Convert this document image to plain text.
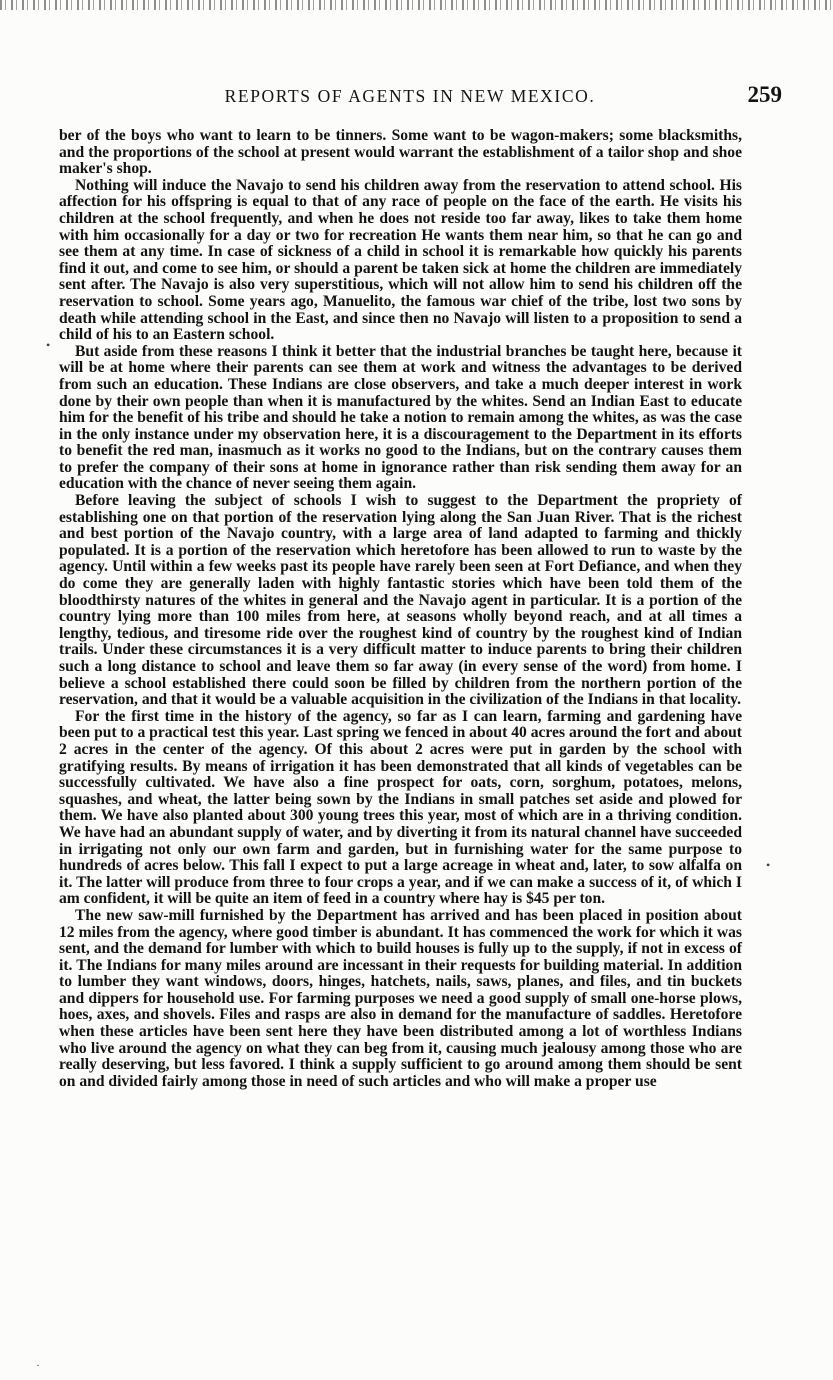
REPORTS OF AGENTS IN NEW MEXICO.	259

ber of the boys who want to learn to be tinners. Some want to be wagon-makers; some blacksmiths, and the proportions of the school at present would warrant the establishment of a tailor shop and shoe maker's shop.

Nothing will induce the Navajo to send his children away from the reservation to attend school. His affection for his offspring is equal to that of any race of people on the face of the earth. He visits his children at the school frequently, and when he does not reside too far away, likes to take them home with him occasionally for a day or two for recreation He wants them near him, so that he can go and see them at any time. In case of sickness of a child in school it is remarkable how quickly his parents find it out, and come to see him, or should a parent be taken sick at home the children are immediately sent after. The Navajo is also very superstitious, which will not allow him to send his children off the reservation to school. Some years ago, Manuelito, the famous war chief of the tribe, lost two sons by death while attending school in the East, and since then no Navajo will listen to a proposition to send a child of his to an Eastern school.

But aside from these reasons I think it better that the industrial branches be taught here, because it will be at home where their parents can see them at work and witness the advantages to be derived from such an education. These Indians are close observers, and take a much deeper interest in work done by their own people than when it is manufactured by the whites. Send an Indian East to educate him for the benefit of his tribe and should he take a notion to remain among the whites, as was the case in the only instance under my observation here, it is a discouragement to the Department in its efforts to benefit the red man, inasmuch as it works no good to the Indians, but on the contrary causes them to prefer the company of their sons at home in ignorance rather than risk sending them away for an education with the chance of never seeing them again.

Before leaving the subject of schools I wish to suggest to the Department the propriety of establishing one on that portion of the reservation lying along the San Juan River. That is the richest and best portion of the Navajo country, with a large area of land adapted to farming and thickly populated. It is a portion of the reservation which heretofore has been allowed to run to waste by the agency. Until within a few weeks past its people have rarely been seen at Fort Defiance, and when they do come they are generally laden with highly fantastic stories which have been told them of the bloodthirsty natures of the whites in general and the Navajo agent in particular. It is a portion of the country lying more than 100 miles from here, at seasons wholly beyond reach, and at all times a lengthy, tedious, and tiresome ride over the roughest kind of country by the roughest kind of Indian trails. Under these circumstances it is a very difficult matter to induce parents to bring their children such a long distance to school and leave them so far away (in every sense of the word) from home. I believe a school established there could soon be filled by children from the northern portion of the reservation, and that it would be a valuable acquisition in the civilization of the Indians in that locality.

For the first time in the history of the agency, so far as I can learn, farming and gardening have been put to a practical test this year. Last spring we fenced in about 40 acres around the fort and about 2 acres in the center of the agency. Of this about 2 acres were put in garden by the school with gratifying results. By means of irrigation it has been demonstrated that all kinds of vegetables can be successfully cultivated. We have also a fine prospect for oats, corn, sorghum, potatoes, melons, squashes, and wheat, the latter being sown by the Indians in small patches set aside and plowed for them. We have also planted about 300 young trees this year, most of which are in a thriving condition. We have had an abundant supply of water, and by diverting it from its natural channel have succeeded in irrigating not only our own farm and garden, but in furnishing water for the same purpose to hundreds of acres below. This fall I expect to put a large acreage in wheat and, later, to sow alfalfa on it. The latter will produce from three to four crops a year, and if we can make a success of it, of which I am confident, it will be quite an item of feed in a country where hay is $45 per ton.

The new saw-mill furnished by the Department has arrived and has been placed in position about 12 miles from the agency, where good timber is abundant. It has commenced the work for which it was sent, and the demand for lumber with which to build houses is fully up to the supply, if not in excess of it. The Indians for many miles around are incessant in their requests for building material. In addition to lumber they want windows, doors, hinges, hatchets, nails, saws, planes, and files, and tin buckets and dippers for household use. For farming purposes we need a good supply of small one-horse plows, hoes, axes, and shovels. Files and rasps are also in demand for the manufacture of saddles. Heretofore when these articles have been sent here they have been distributed among a lot of worthless Indians who live around the agency on what they can beg from it, causing much jealousy among those who are really deserving, but less favored. I think a supply sufficient to go around among them should be sent on and divided fairly among those in need of such articles and who will make a proper use

•
•
·
